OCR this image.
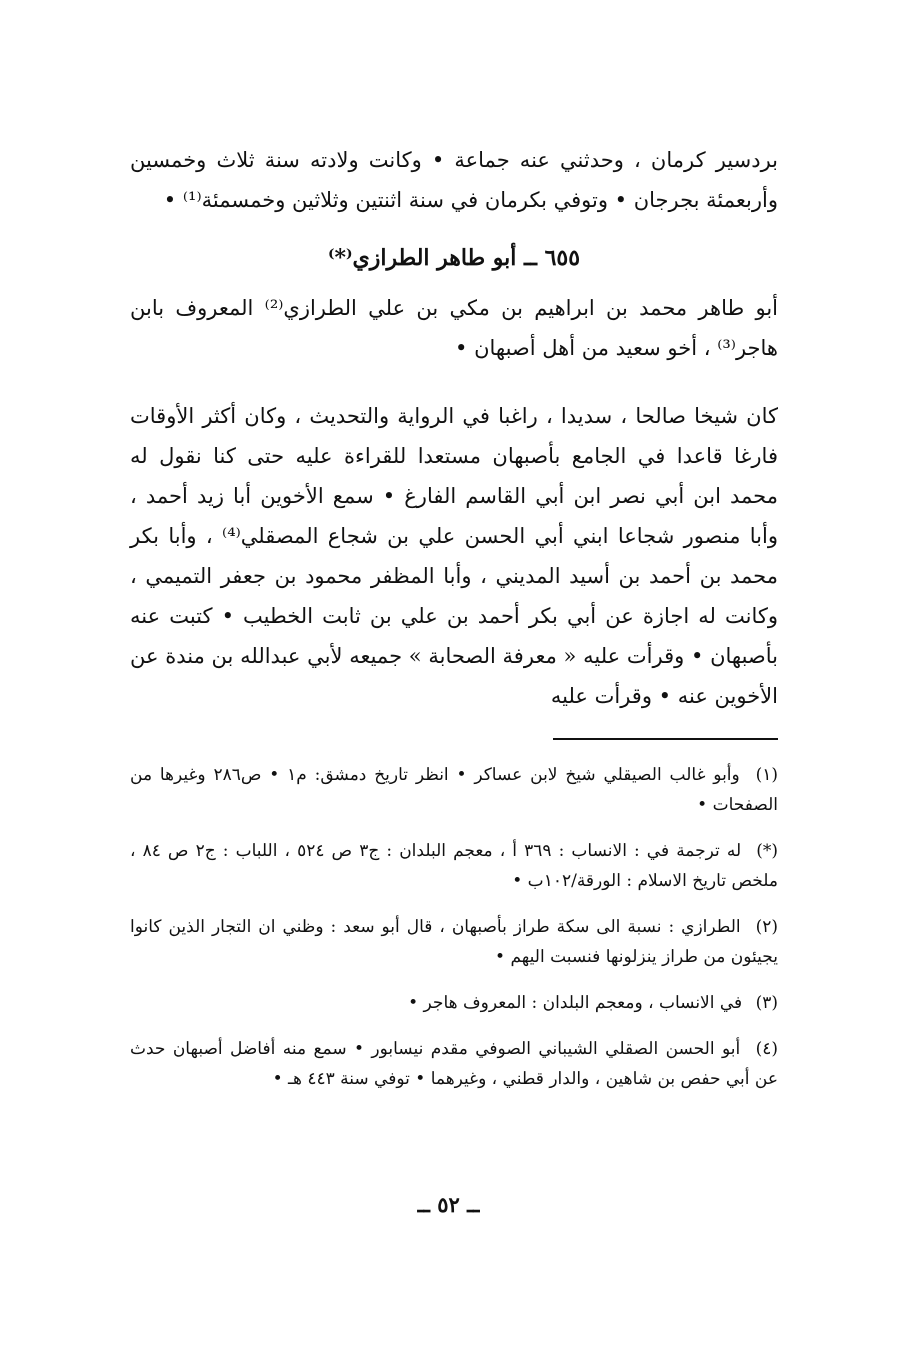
بردسير كرمان ، وحدثني عنه جماعة • وكانت ولادته سنة ثلاث وخمسين وأربعمئة بجرجان • وتوفي بكرمان في سنة اثنتين وثلاثين وخمسمئة⁽¹⁾ •

٦٥٥ ــ أبو طاهر الطرازي⁽*⁾

أبو طاهر محمد بن ابراهيم بن مكي بن علي الطرازي⁽²⁾ المعروف بابن هاجر⁽³⁾ ، أخو سعيد من أهل أصبهان •

كان شيخا صالحا ، سديدا ، راغبا في الرواية والتحديث ، وكان أكثر الأوقات فارغا قاعدا في الجامع بأصبهان مستعدا للقراءة عليه حتى كنا نقول له محمد ابن أبي نصر ابن أبي القاسم الفارغ • سمع الأخوين أبا زيد أحمد ، وأبا منصور شجاعا ابني أبي الحسن علي بن شجاع المصقلي⁽⁴⁾ ، وأبا بكر محمد بن أحمد بن أسيد المديني ، وأبا المظفر محمود بن جعفر التميمي ، وكانت له اجازة عن أبي بكر أحمد بن علي بن ثابت الخطيب • كتبت عنه بأصبهان • وقرأت عليه « معرفة الصحابة » جميعه لأبي عبدالله بن مندة عن الأخوين عنه • وقرأت عليه

(١) وأبو غالب الصيقلي شيخ لابن عساكر • انظر تاريخ دمشق: م١ • ص٢٨٦ وغيرها من الصفحات •

(*) له ترجمة في : الانساب : ٣٦٩ أ ، معجم البلدان : ج٣ ص ٥٢٤ ، اللباب : ج٢ ص ٨٤ ، ملخص تاريخ الاسلام : الورقة/١٠٢ب •

(٢) الطرازي : نسبة الى سكة طراز بأصبهان ، قال أبو سعد : وظني ان التجار الذين كانوا يجيئون من طراز ينزلونها فنسبت اليهم •

(٣) في الانساب ، ومعجم البلدان : المعروف هاجر •

(٤) أبو الحسن الصقلي الشيباني الصوفي مقدم نيسابور • سمع منه أفاضل أصبهان حدث عن أبي حفص بن شاهين ، والدار قطني ، وغيرهما • توفي سنة ٤٤٣ هـ •

ــ ٥٢ ــ
